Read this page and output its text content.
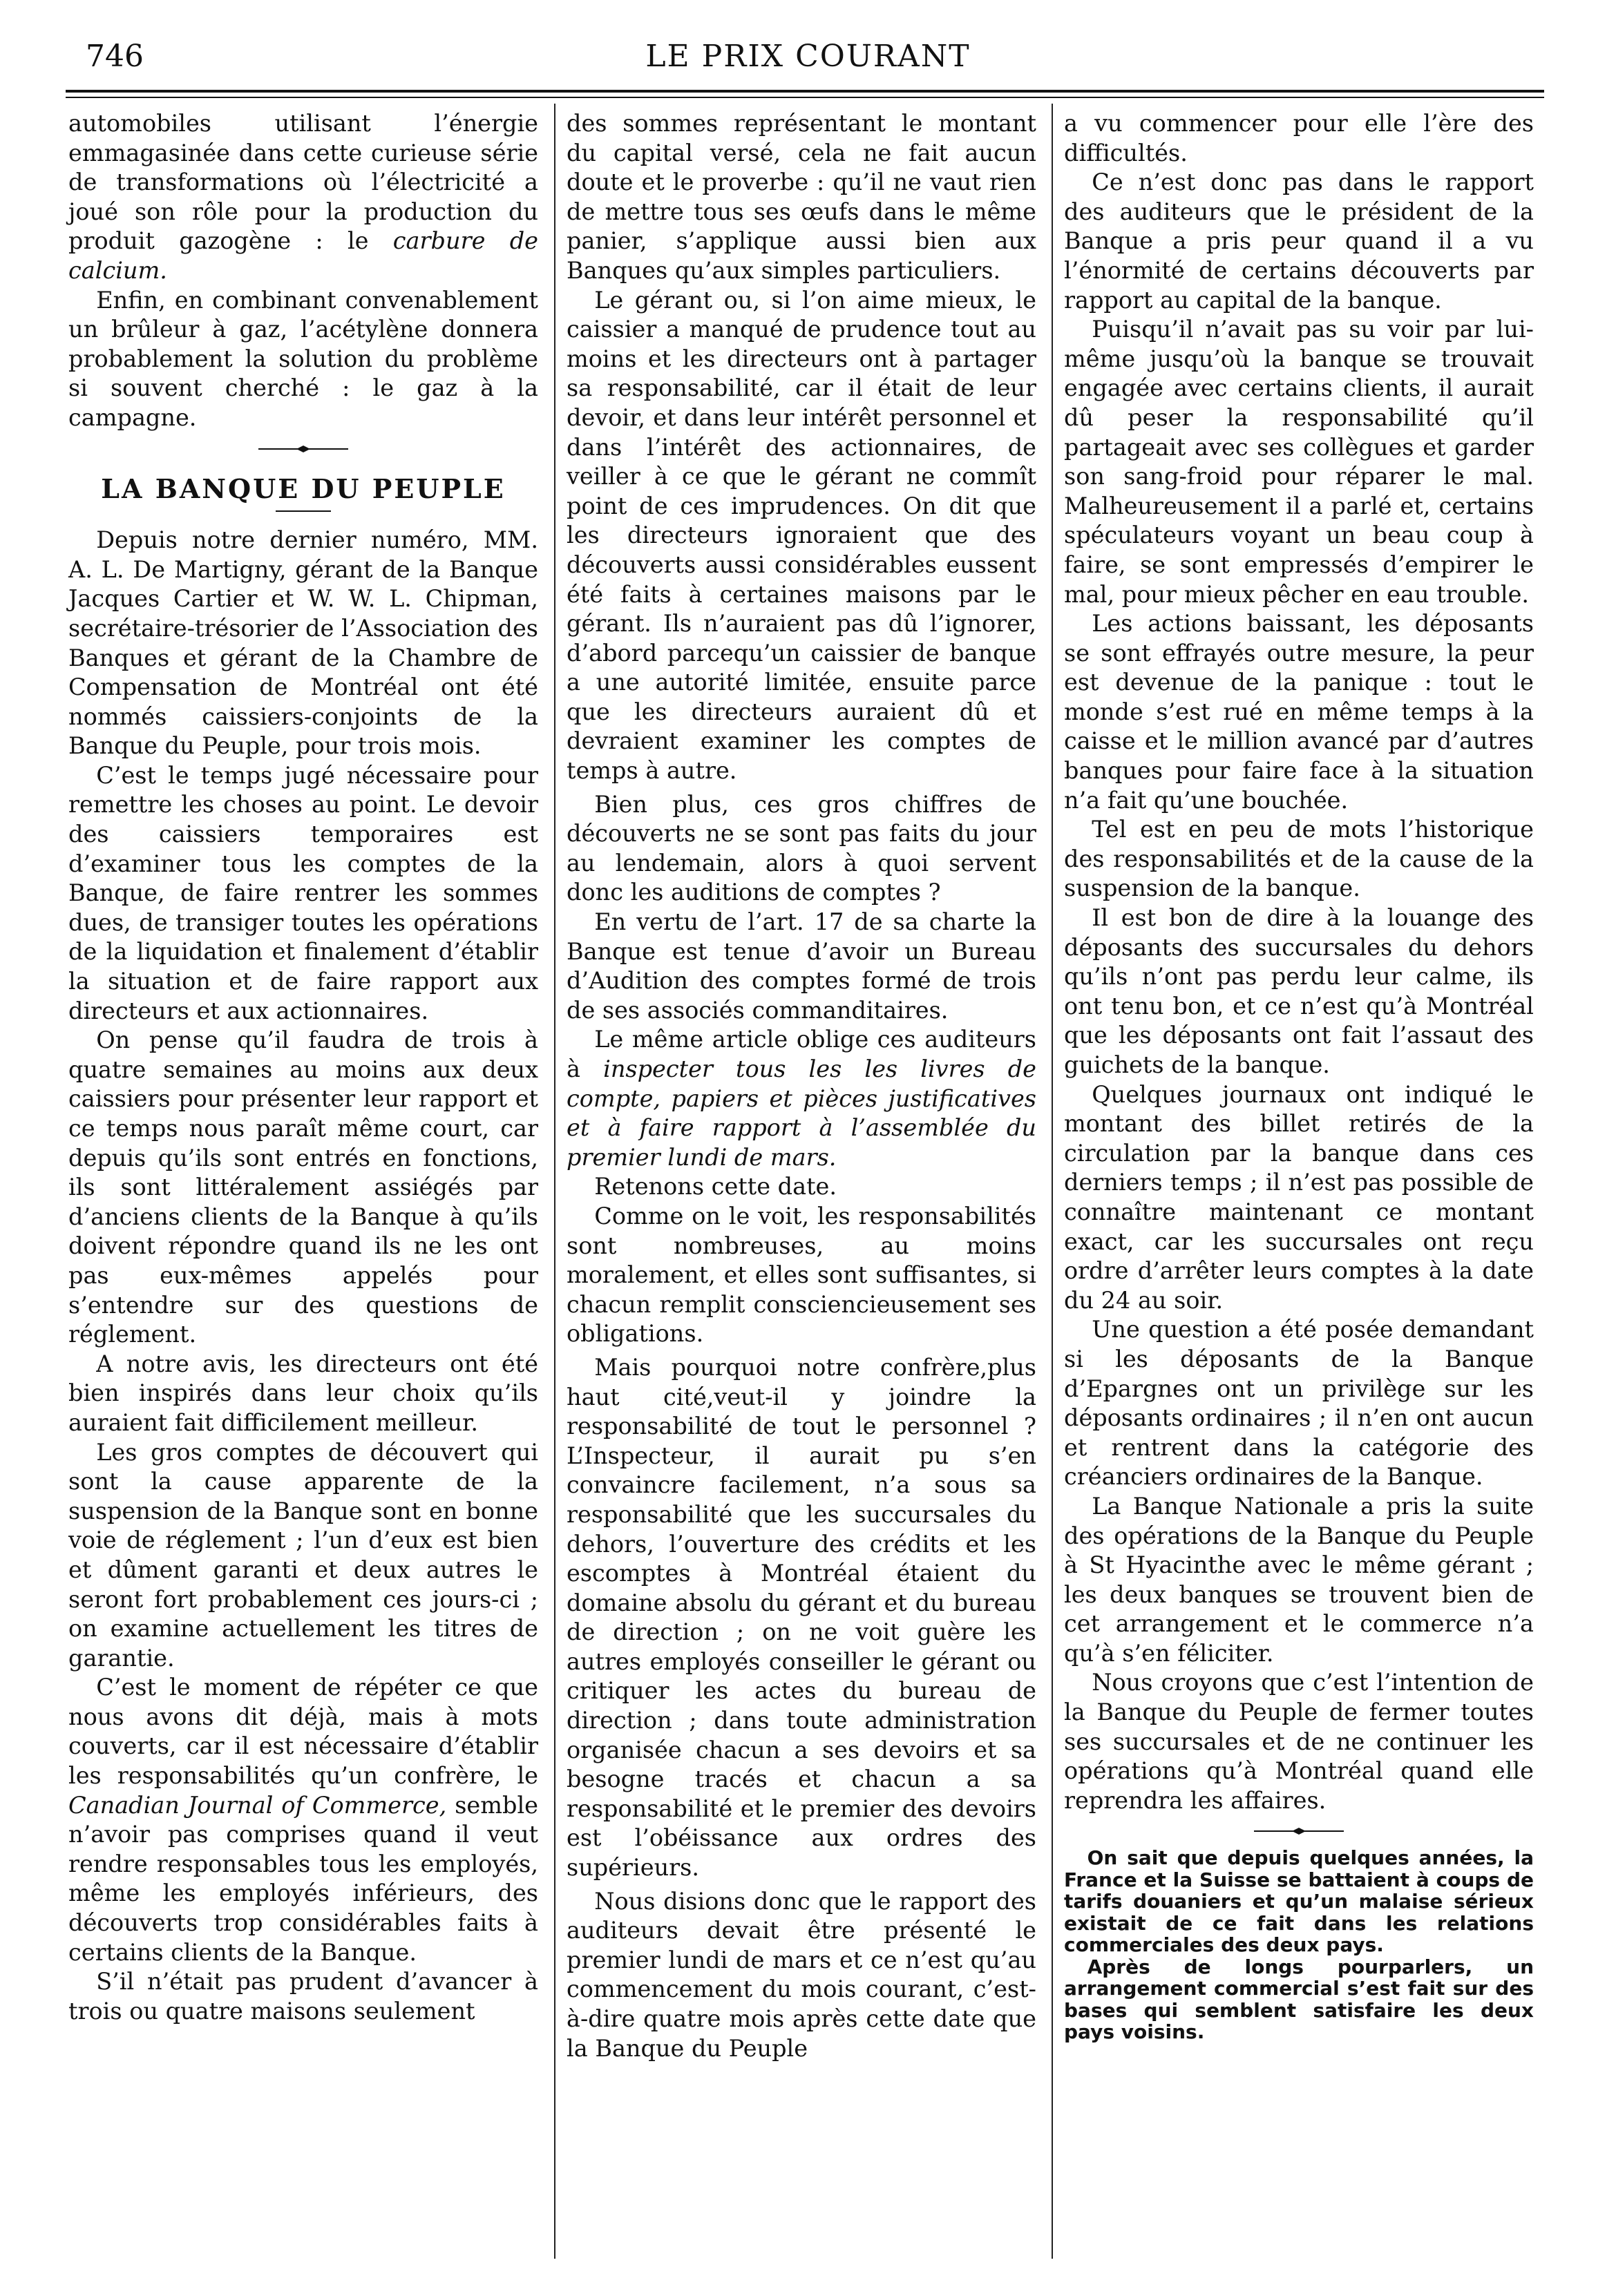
746	LE PRIX COURANT

automobiles utilisant l’énergie emmagasinée dans cette curieuse série de transformations où l’électricité a joué son rôle pour la production du produit gazogène : le carbure de calcium.

Enfin, en combinant convenablement un brûleur à gaz, l’acétylène donnera probablement la solution du problème si souvent cherché : le gaz à la campagne.

LA BANQUE DU PEUPLE

Depuis notre dernier numéro, MM. A. L. De Martigny, gérant de la Banque Jacques Cartier et W. W. L. Chipman, secrétaire-trésorier de l’Association des Banques et gérant de la Chambre de Compensation de Montréal ont été nommés caissiers-conjoints de la Banque du Peuple, pour trois mois.

C’est le temps jugé nécessaire pour remettre les choses au point. Le devoir des caissiers temporaires est d’examiner tous les comptes de la Banque, de faire rentrer les sommes dues, de transiger toutes les opérations de la liquidation et finalement d’établir la situation et de faire rapport aux directeurs et aux actionnaires.

On pense qu’il faudra de trois à quatre semaines au moins aux deux caissiers pour présenter leur rapport et ce temps nous paraît même court, car depuis qu’ils sont entrés en fonctions, ils sont littéralement assiégés par d’anciens clients de la Banque à qu’ils doivent répondre quand ils ne les ont pas eux-mêmes appelés pour s’entendre sur des questions de réglement.

A notre avis, les directeurs ont été bien inspirés dans leur choix qu’ils auraient fait difficilement meilleur.

Les gros comptes de découvert qui sont la cause apparente de la suspension de la Banque sont en bonne voie de réglement ; l’un d’eux est bien et dûment garanti et deux autres le seront fort probablement ces jours-ci ; on examine actuellement les titres de garantie.

C’est le moment de répéter ce que nous avons dit déjà, mais à mots couverts, car il est nécessaire d’établir les responsabilités qu’un confrère, le Canadian Journal of Commerce, semble n’avoir pas comprises quand il veut rendre responsables tous les employés, même les employés inférieurs, des découverts trop considérables faits à certains clients de la Banque.

S’il n’était pas prudent d’avancer à trois ou quatre maisons seulement

des sommes représentant le montant du capital versé, cela ne fait aucun doute et le proverbe : qu’il ne vaut rien de mettre tous ses œufs dans le même panier, s’applique aussi bien aux Banques qu’aux simples particuliers.

Le gérant ou, si l’on aime mieux, le caissier a manqué de prudence tout au moins et les directeurs ont à partager sa responsabilité, car il était de leur devoir, et dans leur intérêt personnel et dans l’intérêt des actionnaires, de veiller à ce que le gérant ne commît point de ces imprudences. On dit que les directeurs ignoraient que des découverts aussi considérables eussent été faits à certaines maisons par le gérant. Ils n’auraient pas dû l’ignorer, d’abord parcequ’un caissier de banque a une autorité limitée, ensuite parce que les directeurs auraient dû et devraient examiner les comptes de temps à autre.

Bien plus, ces gros chiffres de découverts ne se sont pas faits du jour au lendemain, alors à quoi servent donc les auditions de comptes ?

En vertu de l’art. 17 de sa charte la Banque est tenue d’avoir un Bureau d’Audition des comptes formé de trois de ses associés commanditaires.

Le même article oblige ces auditeurs à inspecter tous les les livres de compte, papiers et pièces justificatives et à faire rapport à l’assemblée du premier lundi de mars.

Retenons cette date.

Comme on le voit, les responsabilités sont nombreuses, au moins moralement, et elles sont suffisantes, si chacun remplit consciencieusement ses obligations.

Mais pourquoi notre confrère,plus haut cité,veut-il y joindre la responsabilité de tout le personnel ? L’Inspecteur, il aurait pu s’en convaincre facilement, n’a sous sa responsabilité que les succursales du dehors, l’ouverture des crédits et les escomptes à Montréal étaient du domaine absolu du gérant et du bureau de direction ; on ne voit guère les autres employés conseiller le gérant ou critiquer les actes du bureau de direction ; dans toute administration organisée chacun a ses devoirs et sa besogne tracés et chacun a sa responsabilité et le premier des devoirs est l’obéissance aux ordres des supérieurs.

Nous disions donc que le rapport des auditeurs devait être présenté le premier lundi de mars et ce n’est qu’au commencement du mois courant, c’est-à-dire quatre mois après cette date que la Banque du Peuple

a vu commencer pour elle l’ère des difficultés.

Ce n’est donc pas dans le rapport des auditeurs que le président de la Banque a pris peur quand il a vu l’énormité de certains découverts par rapport au capital de la banque.

Puisqu’il n’avait pas su voir par lui-même jusqu’où la banque se trouvait engagée avec certains clients, il aurait dû peser la responsabilité qu’il partageait avec ses collègues et garder son sang-froid pour réparer le mal. Malheureusement il a parlé et, certains spéculateurs voyant un beau coup à faire, se sont empressés d’empirer le mal, pour mieux pêcher en eau trouble.

Les actions baissant, les déposants se sont effrayés outre mesure, la peur est devenue de la panique : tout le monde s’est rué en même temps à la caisse et le million avancé par d’autres banques pour faire face à la situation n’a fait qu’une bouchée.

Tel est en peu de mots l’historique des responsabilités et de la cause de la suspension de la banque.

Il est bon de dire à la louange des déposants des succursales du dehors qu’ils n’ont pas perdu leur calme, ils ont tenu bon, et ce n’est qu’à Montréal que les déposants ont fait l’assaut des guichets de la banque.

Quelques journaux ont indiqué le montant des billet retirés de la circulation par la banque dans ces derniers temps ; il n’est pas possible de connaître maintenant ce montant exact, car les succursales ont reçu ordre d’arrêter leurs comptes à la date du 24 au soir.

Une question a été posée demandant si les déposants de la Banque d’Epargnes ont un privilège sur les déposants ordinaires ; il n’en ont aucun et rentrent dans la catégorie des créanciers ordinaires de la Banque.

La Banque Nationale a pris la suite des opérations de la Banque du Peuple à St Hyacinthe avec le même gérant ; les deux banques se trouvent bien de cet arrangement et le commerce n’a qu’à s’en féliciter.

Nous croyons que c’est l’intention de la Banque du Peuple de fermer toutes ses succursales et de ne continuer les opérations qu’à Montréal quand elle reprendra les affaires.

On sait que depuis quelques années, la France et la Suisse se battaient à coups de tarifs douaniers et qu’un malaise sérieux existait de ce fait dans les relations commerciales des deux pays.

Après de longs pourparlers, un arrangement commercial s’est fait sur des bases qui semblent satisfaire les deux pays voisins.
